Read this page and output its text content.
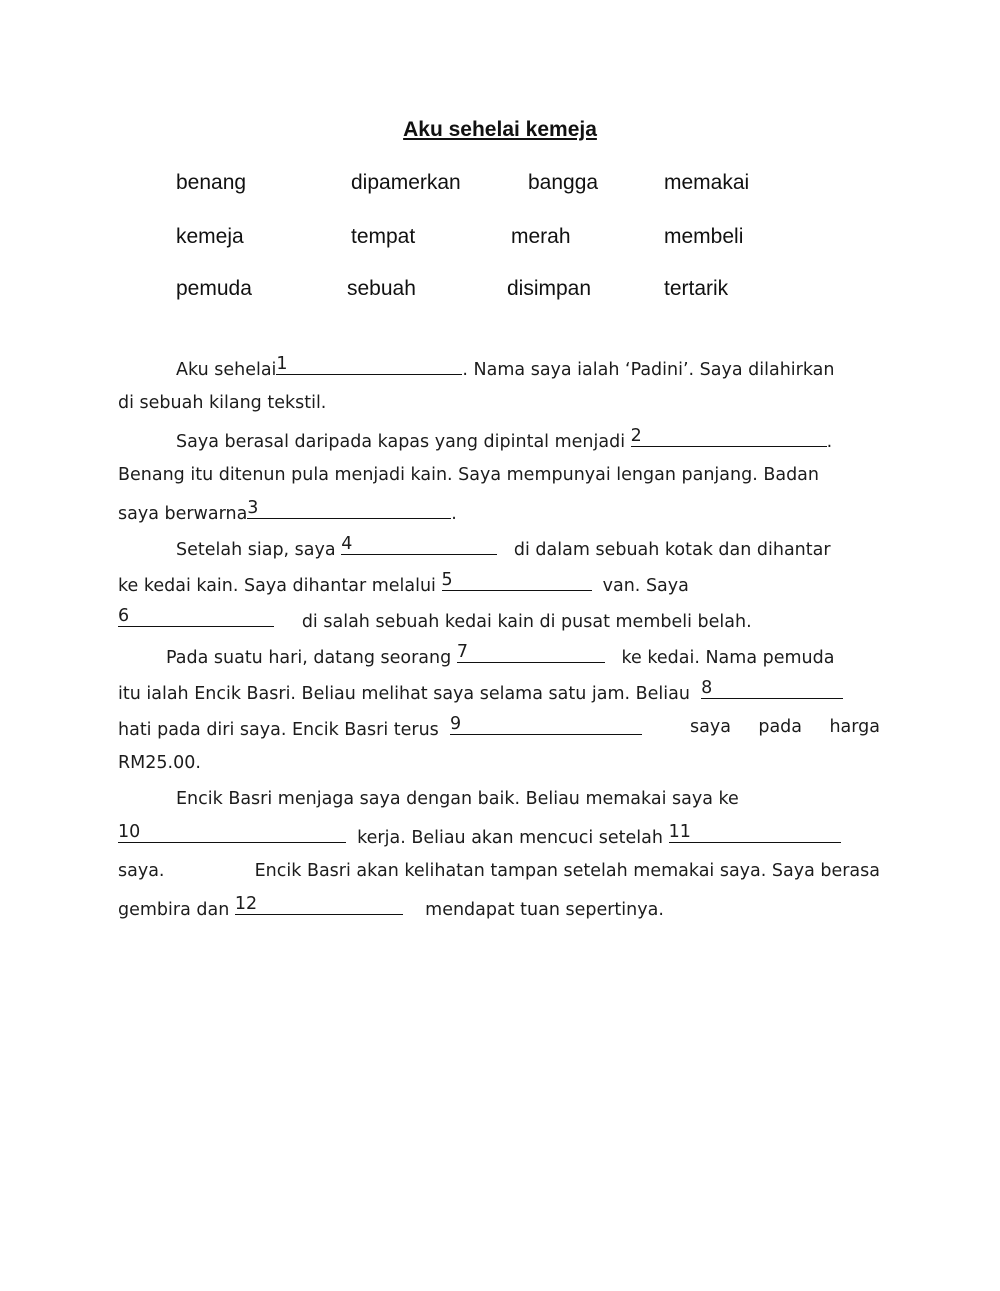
Aku sehelai kemeja
benang	dipamerkan	bangga	memakai
kemeja	tempat	merah	membeli
pemuda	sebuah	disimpan	tertarik
Aku sehelai 1	. Nama saya ialah ‘Padini’. Saya dilahirkan
di sebuah kilang tekstil.
Saya berasal daripada kapas yang dipintal menjadi 2	.
Benang itu ditenun pula menjadi kain. Saya mempunyai lengan panjang. Badan
saya berwarna 3	.
Setelah siap, saya 4	di dalam sebuah kotak dan dihantar
ke kedai kain. Saya dihantar melalui 5	van. Saya
6	di salah sebuah kedai kain di pusat membeli belah.
Pada suatu hari, datang seorang 7	ke kedai. Nama pemuda
itu ialah Encik Basri. Beliau melihat saya selama satu jam. Beliau 8
hati pada diri saya. Encik Basri terus 9	saya pada harga
RM25.00.
Encik Basri menjaga saya dengan baik. Beliau memakai saya ke
10	kerja. Beliau akan mencuci setelah 11
saya.	Encik Basri akan kelihatan tampan setelah memakai saya. Saya berasa
gembira dan 12	mendapat tuan sepertinya.
